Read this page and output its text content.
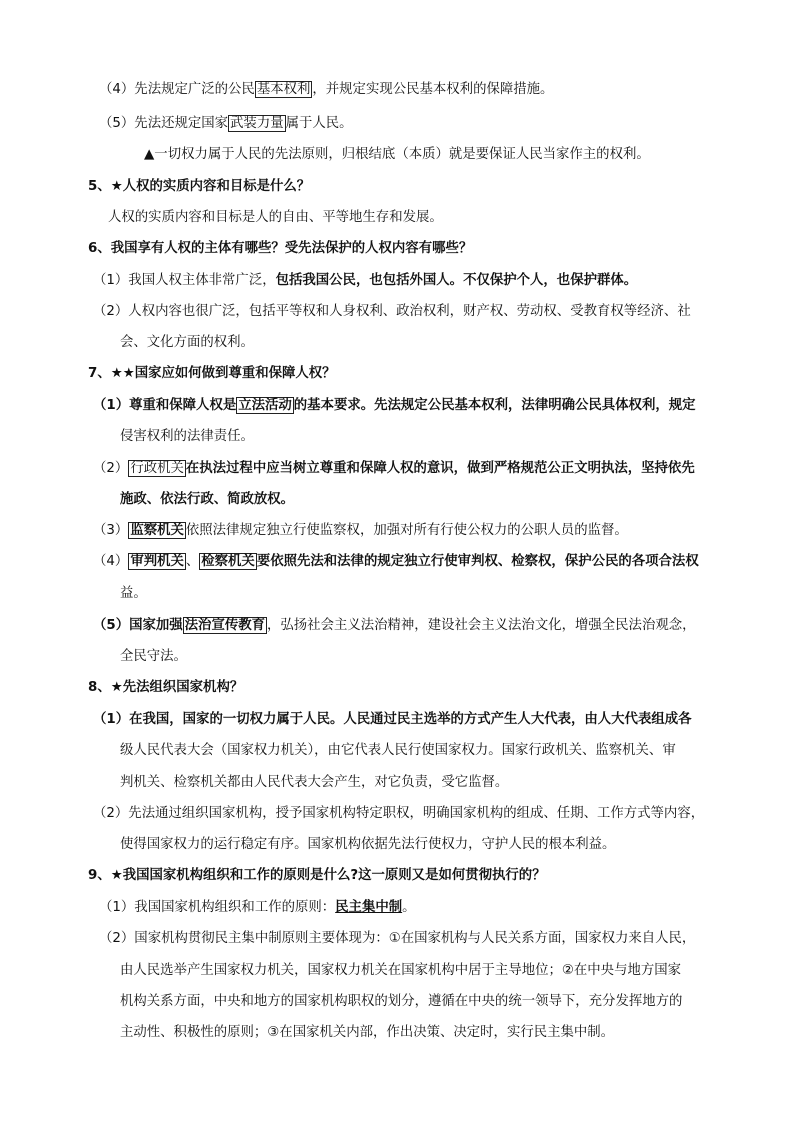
（4）先法规定广泛的公民 基本权利 ，并规定实现公民基本权利的保障措施。
（5）先法还规定国家 武装力量 属于人民。
▲一切权力属于人民的先法原则，归根结底（本质）就是要保证人民当家作主的权利。
5、★人权的实质内容和目标是什么？
人权的实质内容和目标是人的自由、平等地生存和发展。
6、我国享有人权的主体有哪些？受先法保护的人权内容有哪些？
（1）我国人权主体非常广泛，包括我国公民，也包括外国人。不仅保护个人，也保护群体。
（2）人权内容也很广泛，包括平等权和人身权利、政治权利，财产权、劳动权、受教育权等经济、社
会、文化方面的权利。
7、★★国家应如何做到尊重和保障人权？
（1）尊重和保障人权是 立法活动 的基本要求。先法规定公民基本权利，法律明确公民具体权利，规定
侵害权利的法律责任。
（2） 行政机关 在执法过程中应当树立尊重和保障人权的意识，做到严格规范公正文明执法，坚持依先
施政、依法行政、简政放权。
（3） 监察机关 依照法律规定独立行使监察权，加强对所有行使公权力的公职人员的监督。
（4） 审判机关 、 检察机关 要依照先法和法律的规定独立行使审判权、检察权，保护公民的各项合法权
益。
（5）国家加强 法治宣传教育 ，弘扬社会主义法治精神，建设社会主义法治文化，增强全民法治观念，
全民守法。
8、★先法组织国家机构？
（1）在我国，国家的一切权力属于人民。人民通过民主选举的方式产生人大代表，由人大代表组成各
级人民代表大会（国家权力机关），由它代表人民行使国家权力。国家行政机关、监察机关、审
判机关、检察机关都由人民代表大会产生，对它负责，受它监督。
（2）先法通过组织国家机构，授予国家机构特定职权，明确国家机构的组成、任期、工作方式等内容，
使得国家权力的运行稳定有序。国家机构依据先法行使权力，守护人民的根本利益。
9、★我国国家机构组织和工作的原则是什么?这一原则又是如何贯彻执行的？
（1）我国国家机构组织和工作的原则：民主集中制。
（2）国家机构贯彻民主集中制原则主要体现为：①在国家机构与人民关系方面，国家权力来自人民，
由人民选举产生国家权力机关，国家权力机关在国家机构中居于主导地位；②在中央与地方国家
机构关系方面，中央和地方的国家机构职权的划分，遵循在中央的统一领导下，充分发挥地方的
主动性、积极性的原则；③在国家机关内部，作出决策、决定时，实行民主集中制。
